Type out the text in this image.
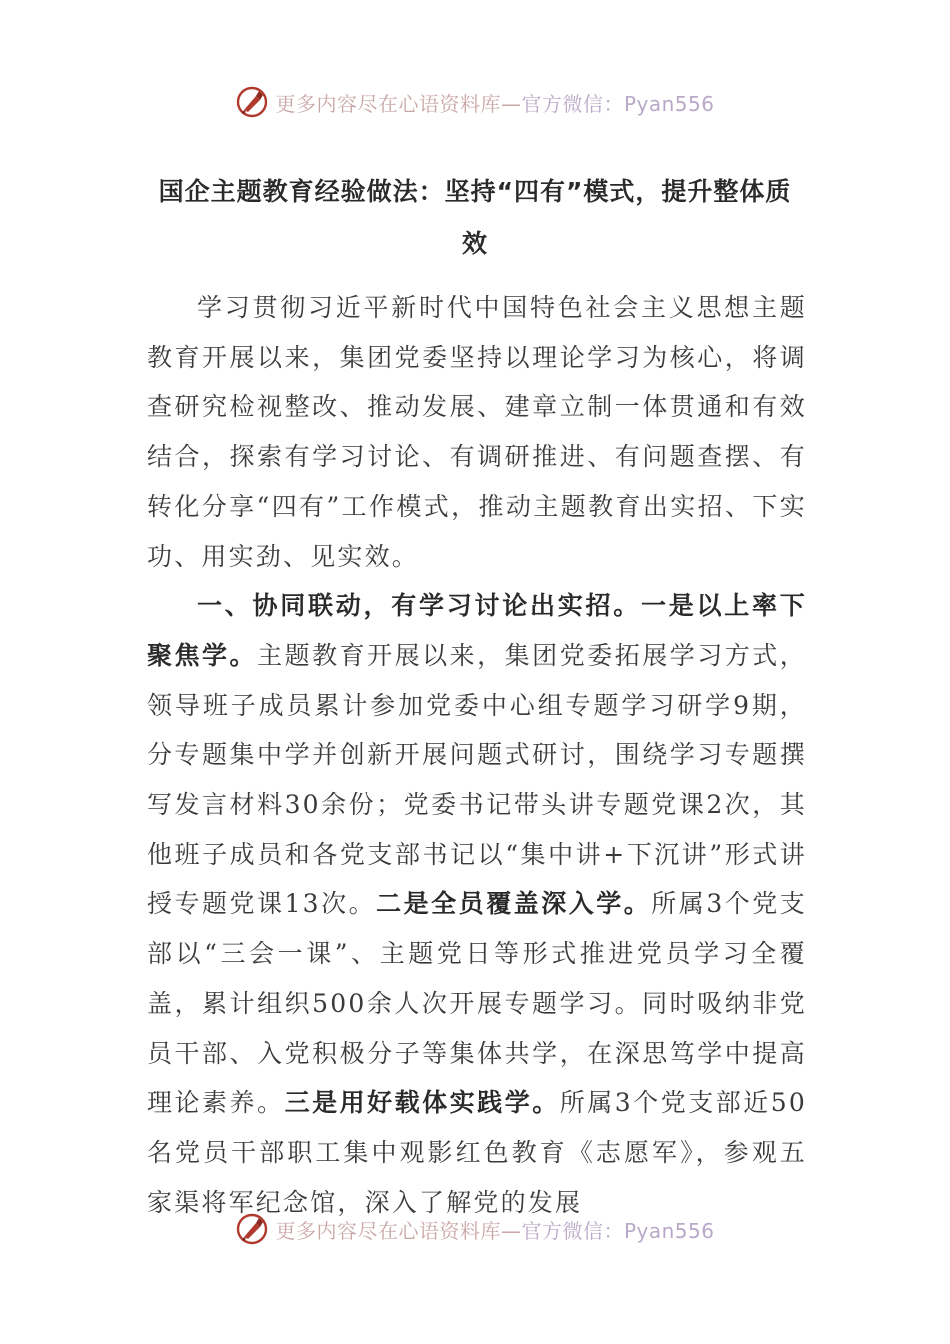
更多内容尽在心语资料库—官方微信：Pyan556
国企主题教育经验做法：坚持“四有”模式，提升整体质效

学习贯彻习近平新时代中国特色社会主义思想主题教育开展以来，集团党委坚持以理论学习为核心，将调查研究检视整改、推动发展、建章立制一体贯通和有效结合，探索有学习讨论、有调研推进、有问题查摆、有转化分享“四有”工作模式，推动主题教育出实招、下实功、用实劲、见实效。

一、协同联动，有学习讨论出实招。一是以上率下聚焦学。主题教育开展以来，集团党委拓展学习方式，领导班子成员累计参加党委中心组专题学习研学9期，分专题集中学并创新开展问题式研讨，围绕学习专题撰写发言材料30余份；党委书记带头讲专题党课2次，其他班子成员和各党支部书记以“集中讲+下沉讲”形式讲授专题党课13次。二是全员覆盖深入学。所属3个党支部以“三会一课”、主题党日等形式推进党员学习全覆盖，累计组织500余人次开展专题学习。同时吸纳非党员干部、入党积极分子等集体共学，在深思笃学中提高理论素养。三是用好载体实践学。所属3个党支部近50名党员干部职工集中观影红色教育《志愿军》，参观五家渠将军纪念馆，深入了解党的发展

更多内容尽在心语资料库—官方微信：Pyan556
